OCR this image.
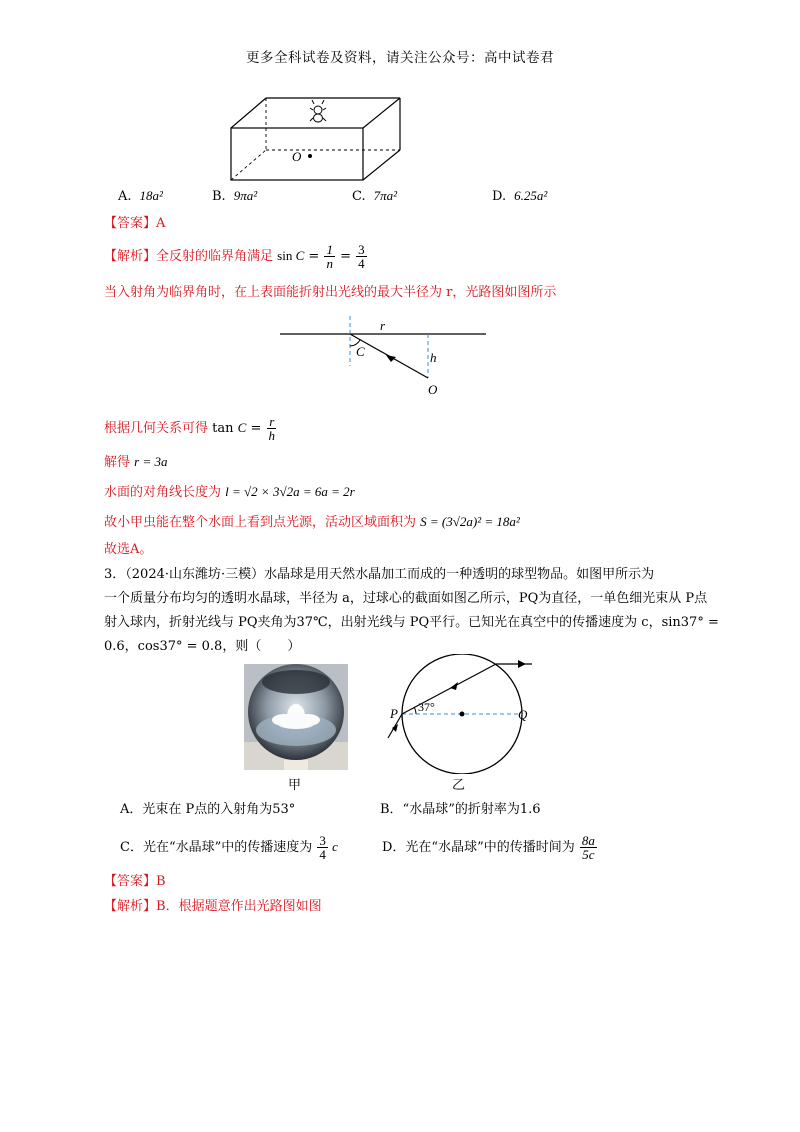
更多全科试卷及资料，请关注公众号：高中试卷君
O
A. 18a²	B. 9πa²	C. 7πa²	D. 6.25a²
【答案】A
【解析】全反射的临界角满足 $\sin C = \frac{1}{n} = \frac{3}{4}$
当入射角为临界角时，在上表面能折射出光线的最大半径为 r，光路图如图所示
r
C	h
O
根据几何关系可得 $\tan C = \frac{r}{h}$
解得 r = 3a
水面的对角线长度为 l = √2 × 3√2a = 6a = 2r
故小甲虫能在整个水面上看到点光源，活动区域面积为 S = (3√2a)² = 18a²
故选A。
3．（2024·山东潍坊·三模）水晶球是用天然水晶加工而成的一种透明的球型物品。如图甲所示为
一个质量分布均匀的透明水晶球，半径为 a，过球心的截面如图乙所示，PQ为直径，一单色细光束从 P点
射入球内，折射光线与 PQ夹角为37℃，出射光线与 PQ平行。已知光在真空中的传播速度为 c，sin37° =
0.6，cos37° = 0.8，则（　　）
甲
P	Q
37°
乙
A．光束在 P点的入射角为53°	B．“水晶球”的折射率为1.6
C．光在“水晶球”中的传播速度为 $\frac{3}{4}$ c	D．光在“水晶球”中的传播时间为 $\frac{8a}{5c}$
【答案】B
【解析】B．根据题意作出光路图如图
